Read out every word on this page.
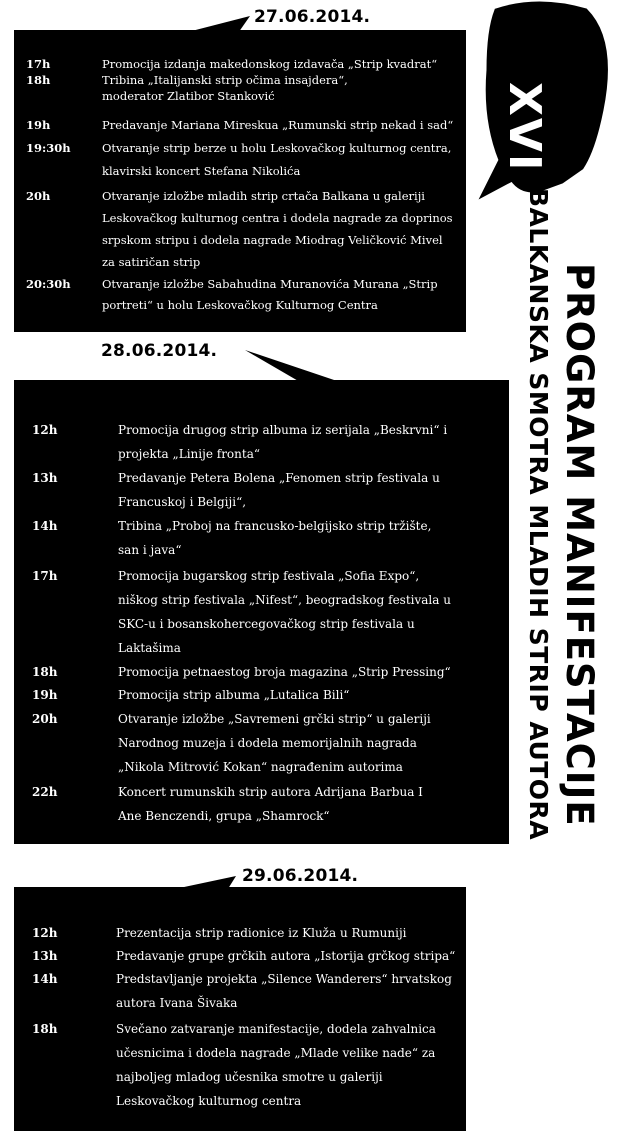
27.06.2014.
28.06.2014.
29.06.2014.
17h	Promocija izdanja makedonskog izdavača „Strip kvadrat“
18h	Tribina „Italijanski strip očima insajdera“,
moderator Zlatibor Stanković
19h	Predavanje Mariana Mireskua „Rumunski strip nekad i sad“
19:30h	Otvaranje strip berze u holu Leskovačkog kulturnog centra,
klavirski koncert Stefana Nikolića
20h	Otvaranje izložbe mladih strip crtača Balkana u galeriji
Leskovačkog kulturnog centra i dodela nagrade za doprinos
srpskom stripu i dodela nagrade Miodrag Veličković Mivel
za satiričan strip
20:30h	Otvaranje izložbe Sabahudina Muranovića Murana „Strip
portreti“ u holu Leskovačkog Kulturnog Centra
12h	Promocija drugog strip albuma iz serijala „Beskrvni“ i
projekta „Linije fronta“
13h	Predavanje Petera Bolena „Fenomen strip festivala u
Francuskoj i Belgiji“,
14h	Tribina „Proboj na francusko-belgijsko strip tržište,
san i java“
17h	Promocija bugarskog strip festivala „Sofia Expo“,
niškog strip festivala „Nifest“, beogradskog festivala u
SKC-u i bosanskohercegovačkog strip festivala u
Laktašima
18h	Promocija petnaestog broja magazina „Strip Pressing“
19h	Promocija strip albuma „Lutalica Bili“
20h	Otvaranje izložbe „Savremeni grčki strip“ u galeriji
Narodnog muzeja i dodela memorijalnih nagrada
„Nikola Mitrović Kokan“ nagrađenim autorima
22h	Koncert rumunskih strip autora Adrijana Barbua I
Ane Benczendi, grupa „Shamrock“
12h	Prezentacija strip radionice iz Kluža u Rumuniji
13h	Predavanje grupe grčkih autora „Istorija grčkog stripa“
14h	Predstavljanje projekta „Silence Wanderers“ hrvatskog
autora Ivana Šivaka
18h	Svečano zatvaranje manifestacije, dodela zahvalnica
učesnicima i dodela nagrade „Mlade velike nade“ za
najboljeg mladog učesnika smotre u galeriji
Leskovačkog kulturnog centra
XVI
PROGRAM MANIFESTACIJE
BALKANSKA SMOTRA MLADIH STRIP AUTORA
